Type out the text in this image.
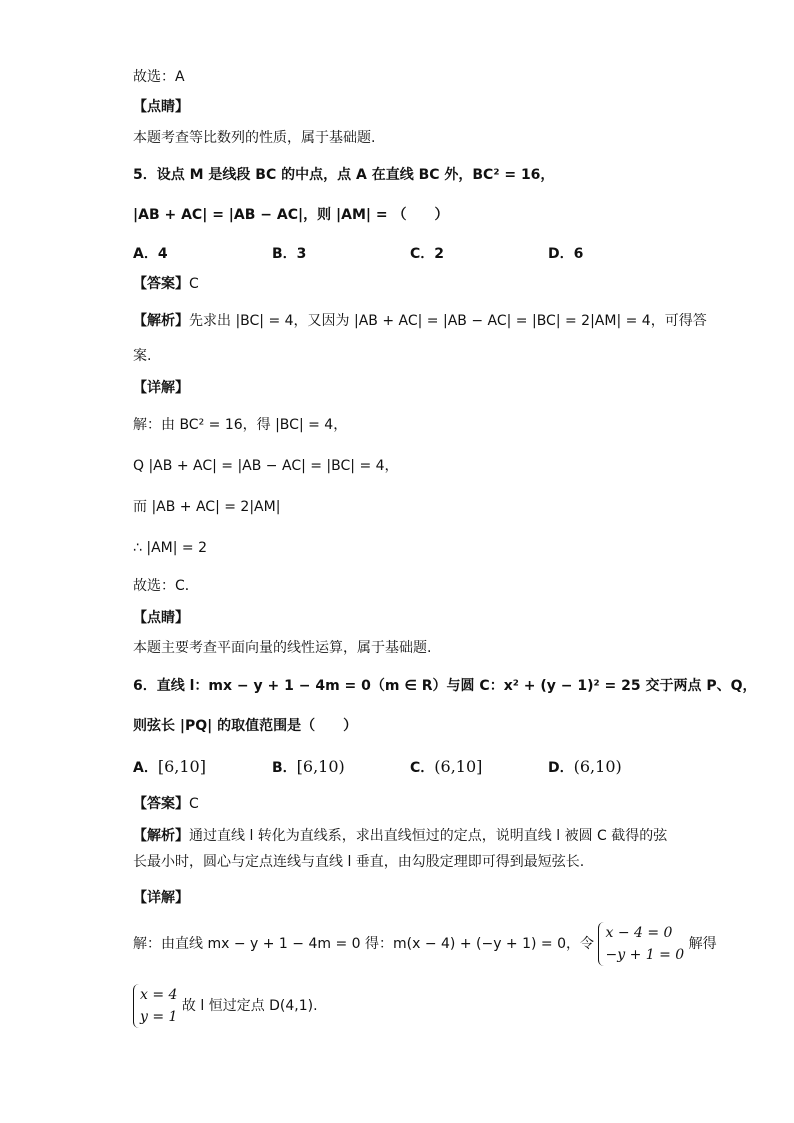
故选：A
【点睛】
本题考查等比数列的性质，属于基础题.
5．设点 M 是线段 BC 的中点，点 A 在直线 BC 外，BC² = 16，
|AB + AC| = |AB − AC|，则 |AM| = （　　）
A．4	B．3	C．2	D．6
【答案】C
【解析】先求出 |BC| = 4，又因为 |AB + AC| = |AB − AC| = |BC| = 2|AM| = 4，可得答
案.
【详解】
解：由 BC² = 16，得 |BC| = 4，
Q |AB + AC| = |AB − AC| = |BC| = 4，
而 |AB + AC| = 2|AM|
∴ |AM| = 2
故选：C．
【点睛】
本题主要考查平面向量的线性运算，属于基础题.
6．直线 l：mx − y + 1 − 4m = 0（m ∈ R）与圆 C：x² + (y − 1)² = 25 交于两点 P、Q，
则弦长 |PQ| 的取值范围是（　　）
A．[6,10]	B．[6,10)	C．(6,10]	D．(6,10)
【答案】C
【解析】通过直线 l 转化为直线系，求出直线恒过的定点，说明直线 l 被圆 C 截得的弦长最小时，圆心与定点连线与直线 l 垂直，由勾股定理即可得到最短弦长.
【详解】
解：由直线 mx − y + 1 − 4m = 0 得：m(x − 4) + (−y + 1) = 0，令
x − 4 = 0
−y + 1 = 0
解得
x = 4
y = 1
故 l 恒过定点 D(4,1).
